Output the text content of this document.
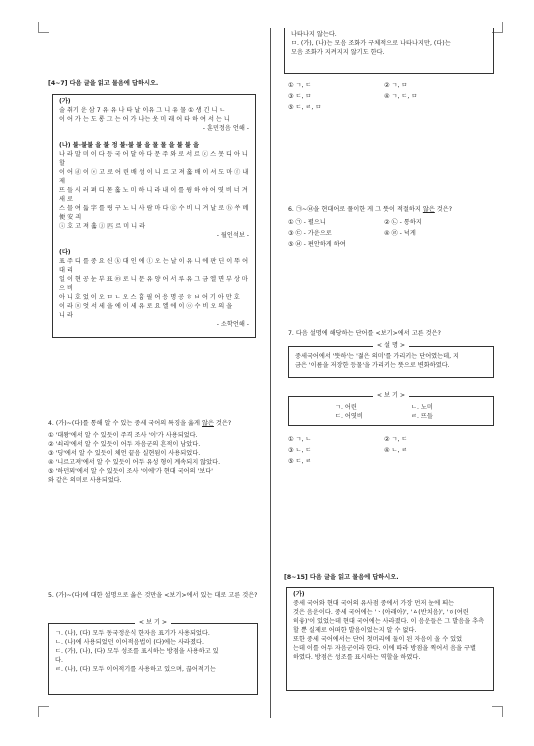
[4~7] 다음 글을 읽고 물음에 답하시오.

(가)

술 취기 운 삼 7 유 유 나 타 날 이유 그 니 유 물 ① 생 긴 니 ㄴ

이 어 가 는 도 롱 그 는 어 가 나는 웃 미 래 어 타 하 여 서 는 니

- 훈민정음 언해 -

(나) 불·불불 을 불 정 불·불 불 을 물 물 을 불 불 을

나 라 말 미 이 다 등 국 어 달 아 다 문 주 와 로 서 르 ⓒ 스 못 디 아 니 할

이 어 ⓓ 이 ⓔ 고 로 어 린 배 성 이 니 르 고 져 홇 배 이 셔 도 마 ⓕ 내 제

뜨 들 시 러 펴 디 몯 홇 노 미 하 니 라 내 이 를 윙 하 야 어 엿 비 너 겨 새 로

스 믈 여 듧 字 를 링 구 노 니 사 람 마 다 ⓖ 수 비 니 겨 날 로 ⓗ 쑤 메 便 安 킈

ⓘ 호 고 져 홇 ⓙ 匹 르 미 니 라

- 월인석보 -

(다)

표 주 디 를 중 요 신 ⓚ 대 인 에 ⓛ 오 는 날 이 유 니 에 판 딘 이 뚜 어 대 리

일 이 현 공 눈 부 표 ⓜ 로 니 문 유 양 어 서 루 유 그 금 엘 면 부 상 마 으 비

아 니 호 었 이 오 ㅁ ㄴ 오 스 흉 필 어 응 명 공 ㅎ ㅂ 어 기 아 만 호

이 라 ⓝ 엇 서 세 을 에 이 세 유 로 요 엘 에 이 ⓞ 수 비 오 의 을

니 라

- 소학언해 -

4. (가)~(다)를 통해 알 수 있는 중세 국어의 특징을 옳게 않은 것은?

① '대왕'에서 알 수 있듯이 주격 조사 '이'가 사용되었다.

② '쇠리'에서 알 수 있듯이 어두 자음군의 흔적이 남았다.

③ '딩'에서 알 수 있듯이 체언 끝음 실현됨이 사용되었다.

④ '니르고져'에서 알 수 있듯이 어두 유성 형이 계속되지 않았다.

⑤ '하던뫼'에서 알 수 있듯이 조사 '이에'가 현대 국어의 '보다'

와 같은 의미로 사용되었다.

5. (가)~(다)에 대한 설명으로 옳은 것만을 <보기>에서 있는 대로 고른 것은?

< 보 기 >

ㄱ. (나), (다) 모두 동국정운식 한자음 표기가 사용되었다.

ㄴ. (나)에 사용되었던 이어적음법이 (다)에는 사라졌다.

ㄷ. (가), (나), (다) 모두 성조를 표시하는 방점을 사용하고 있

다.

ㄹ. (나), (다) 모두 이어적기를 사용하고 있으며, 끊어적기는

나타나지 않는다.

ㅁ. (가), (나)는 모음 조화가 구체적으로 나타나지만, (다)는

모음 조화가 지켜지지 않기도 한다.

① ㄱ, ㄷ	② ㄱ, ㅁ

③ ㄷ, ㅁ	④ ㄱ, ㄷ, ㅁ

⑤ ㄷ, ㄹ, ㅁ

6. ㉠~㉥을 현대어로 풀이한 게 그 뜻이 적절하지 않은 것은?

① ㉠ - 펼으니	② ㉡ - 통하지

③ ㉢ - 가운으로	④ ㉣ - 넉게

⑤ ㉥ - 편안하게 하여

7. 다음 설명에 해당하는 단어를 <보기>에서 고른 것은?

< 설 명 >

중세국어에서 '뜻하'는 '젊은 의미'를 가리키는 단어였는데, 지

금은 '이름을 저장한 등물'을 가리키는 뜻으로 변화하였다.

< 보 기 >

ㄱ. 어린	ㄴ. 노미

ㄷ. 어엿비	ㄹ. 뜨들

① ㄱ, ㄴ	② ㄱ, ㄷ

③ ㄴ, ㄷ	④ ㄴ, ㄹ

⑤ ㄷ, ㄹ

[8~15] 다음 글을 읽고 물음에 답하시오.

(가)

중세 국어와 현대 국어의 유사점 중에서 가장 먼저 눈에 띄는

것은 음운이다. 중세 국어에는 'ㆍ(아래아)', 'ㅿ(반치음)', 'ㆆ(여린

히읗)'이 있었는데 현대 국어에는 사라졌다. 이 음운들은 그 발음을 추측

할 뿐 실제로 어떠한 발음이었는지 알 수 없다.

또한 중세 국어에서는 단어 첫머리에 둘이 된 자음이 올 수 있었

는데 이를 어두 자음군이라 한다. 이에 따라 방점을 찍어서 음을 구별

하였다. 방점은 성조를 표시하는 역할을 하였다.
